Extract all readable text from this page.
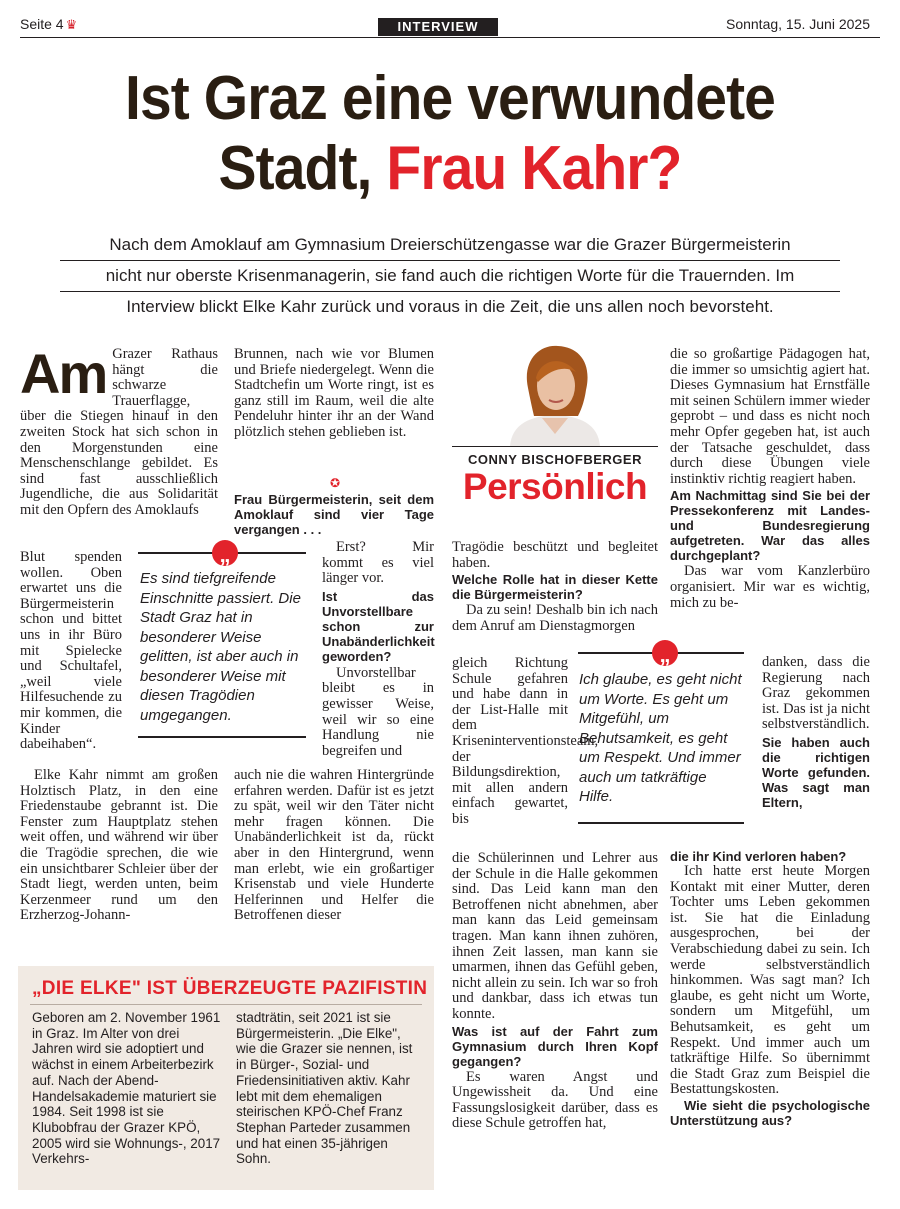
Seite 4 ♛	INTERVIEW	Sonntag, 15. Juni 2025
Ist Graz eine verwundete
Stadt, Frau Kahr?
Nach dem Amoklauf am Gymnasium Dreierschützengasse war die Grazer Bürgermeisterin
nicht nur oberste Krisenmanagerin, sie fand auch die richtigen Worte für die Trauernden. Im
Interview blickt Elke Kahr zurück und voraus in die Zeit, die uns allen noch bevorsteht.
Am Grazer Rathaus hängt die schwarze

Trauerflagge, über die Stiegen hinauf in den zweiten Stock hat sich schon in den Morgenstunden eine Menschenschlange gebildet. Es sind fast ausschließlich Jugendliche, die aus Solidarität mit den Opfern des Amoklaufs

Blut spenden wollen. Oben erwartet uns die Bürgermeisterin schon und bittet uns in ihr Büro mit Spielecke und Schultafel, „weil viele Hilfesuchende zu mir kommen, die Kinder dabeihaben“.

Elke Kahr nimmt am großen Holztisch Platz, in den eine Friedenstaube gebrannt ist. Die Fenster zum Hauptplatz stehen weit offen, und während wir über die Tragödie sprechen, die wie ein unsichtbarer Schleier über der Stadt liegt, werden unten, beim Kerzenmeer rund um den Erzherzog-Johann-

Brunnen, nach wie vor Blumen und Briefe niedergelegt. Wenn die Stadtchefin um Worte ringt, ist es ganz still im Raum, weil die alte Pendeluhr hinter ihr an der Wand plötzlich stehen geblieben ist.

✪
Frau Bürgermeisterin, seit dem Amoklauf sind vier Tage vergangen . . .

Erst? Mir kommt es viel länger vor.

Ist das Unvorstellbare schon zur Unabänderlichkeit geworden?

Unvorstellbar bleibt es in gewisser Weise, weil wir so eine Handlung nie begreifen und

auch nie die wahren Hintergründe erfahren werden. Dafür ist es jetzt zu spät, weil wir den Täter nicht mehr fragen können. Die Unabänderlichkeit ist da, rückt aber in den Hintergrund, wenn man erlebt, wie ein großartiger Krisenstab und viele Hunderte Helferinnen und Helfer die Betroffenen dieser

„
Es sind tiefgreifende Einschnitte passiert. Die Stadt Graz hat in besonderer Weise gelitten, ist aber auch in besonderer Weise mit diesen Tragödien umgegangen.
CONNY BISCHOFBERGER
Persönlich

Tragödie beschützt und begleitet haben.

Welche Rolle hat in dieser Kette die Bürgermeisterin?

Da zu sein! Deshalb bin ich nach dem Anruf am Dienstagmorgen

gleich Richtung Schule gefahren und habe dann in der List-Halle mit dem Kriseninterventionsteam, der Bildungsdirektion, mit allen andern einfach gewartet, bis

die Schülerinnen und Lehrer aus der Schule in die Halle gekommen sind. Das Leid kann man den Betroffenen nicht abnehmen, aber man kann das Leid gemeinsam tragen. Man kann ihnen zuhören, ihnen Zeit lassen, man kann sie umarmen, ihnen das Gefühl geben, nicht allein zu sein. Ich war so froh und dankbar, dass ich etwas tun konnte.

Was ist auf der Fahrt zum Gymnasium durch Ihren Kopf gegangen?

Es waren Angst und Ungewissheit da. Und eine Fassungslosigkeit darüber, dass es diese Schule getroffen hat,

„
Ich glaube, es geht nicht um Worte. Es geht um Mitgefühl, um Behutsamkeit, es geht um Respekt. Und immer auch um tatkräftige Hilfe.

die so großartige Pädagogen hat, die immer so umsichtig agiert hat. Dieses Gymnasium hat Ernstfälle mit seinen Schülern immer wieder geprobt – und dass es nicht noch mehr Opfer gegeben hat, ist auch der Tatsache geschuldet, dass durch diese Übungen viele instinktiv richtig reagiert haben.

Am Nachmittag sind Sie bei der Pressekonferenz mit Landes- und Bundesregierung aufgetreten. War das alles durchgeplant?

Das war vom Kanzlerbüro organisiert. Mir war es wichtig, mich zu be-

danken, dass die Regierung nach Graz gekommen ist. Das ist ja nicht selbstverständlich.

Sie haben auch die richtigen Worte gefunden. Was sagt man Eltern,

die ihr Kind verloren haben?

Ich hatte erst heute Morgen Kontakt mit einer Mutter, deren Tochter ums Leben gekommen ist. Sie hat die Einladung ausgesprochen, bei der Verabschiedung dabei zu sein. Ich werde selbstverständlich hinkommen. Was sagt man? Ich glaube, es geht nicht um Worte, sondern um Mitgefühl, um Behutsamkeit, es geht um Respekt. Und immer auch um tatkräftige Hilfe. So übernimmt die Stadt Graz zum Beispiel die Bestattungskosten.

Wie sieht die psychologische Unterstützung aus?

„DIE ELKE" IST ÜBERZEUGTE PAZIFISTIN
Geboren am 2. November 1961 in Graz. Im Alter von drei Jahren wird sie adoptiert und wächst in einem Arbeiterbezirk auf. Nach der Abend-Handelsakademie maturiert sie 1984. Seit 1998 ist sie Klubobfrau der Grazer KPÖ, 2005 wird sie Wohnungs-, 2017 Verkehrs-
stadträtin, seit 2021 ist sie Bürgermeisterin. „Die Elke", wie die Grazer sie nennen, ist in Bürger-, Sozial- und Friedensinitiativen aktiv. Kahr lebt mit dem ehemaligen steirischen KPÖ-Chef Franz Stephan Parteder zusammen und hat einen 35-jährigen Sohn.
